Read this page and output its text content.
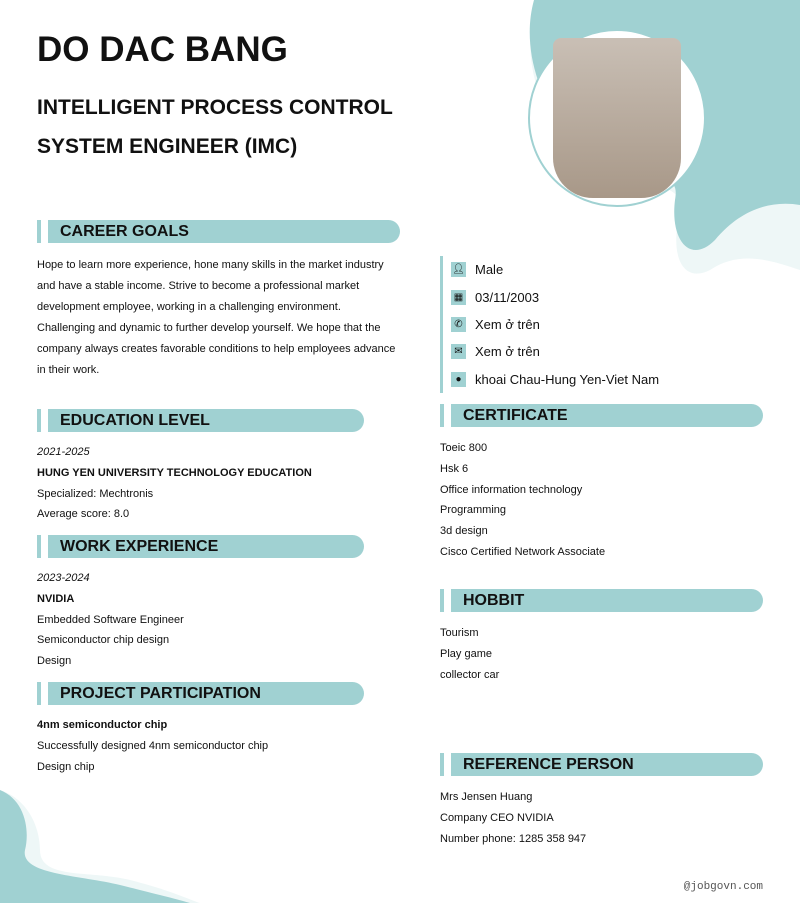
DO DAC BANG
INTELLIGENT PROCESS CONTROL SYSTEM ENGINEER (IMC)
CAREER GOALS
Hope to learn more experience, hone many skills in the market industry and have a stable income. Strive to become a professional market development employee, working in a challenging environment. Challenging and dynamic to further develop yourself. We hope that the company always creates favorable conditions to help employees advance in their work.
EDUCATION LEVEL
2021-2025
HUNG YEN UNIVERSITY TECHNOLOGY EDUCATION
Specialized: Mechtronis
Average score: 8.0
WORK EXPERIENCE
2023-2024
NVIDIA
Embedded Software Engineer
Semiconductor chip design
Design
PROJECT PARTICIPATION
4nm semiconductor chip
Successfully designed 4nm semiconductor chip
Design chip
👤︎ Male
▦ 03/11/2003
✆ Xem ở trên
✉ Xem ở trên
●	khoai Chau-Hung Yen-Viet Nam
CERTIFICATE
Toeic 800
Hsk 6
Office information technology
Programming
3d design
Cisco Certified Network Associate
HOBBIT
Tourism
Play game
collector car
REFERENCE PERSON
Mrs Jensen Huang
Company CEO NVIDIA
Number phone: 1285 358 947
@jobgovn.com
